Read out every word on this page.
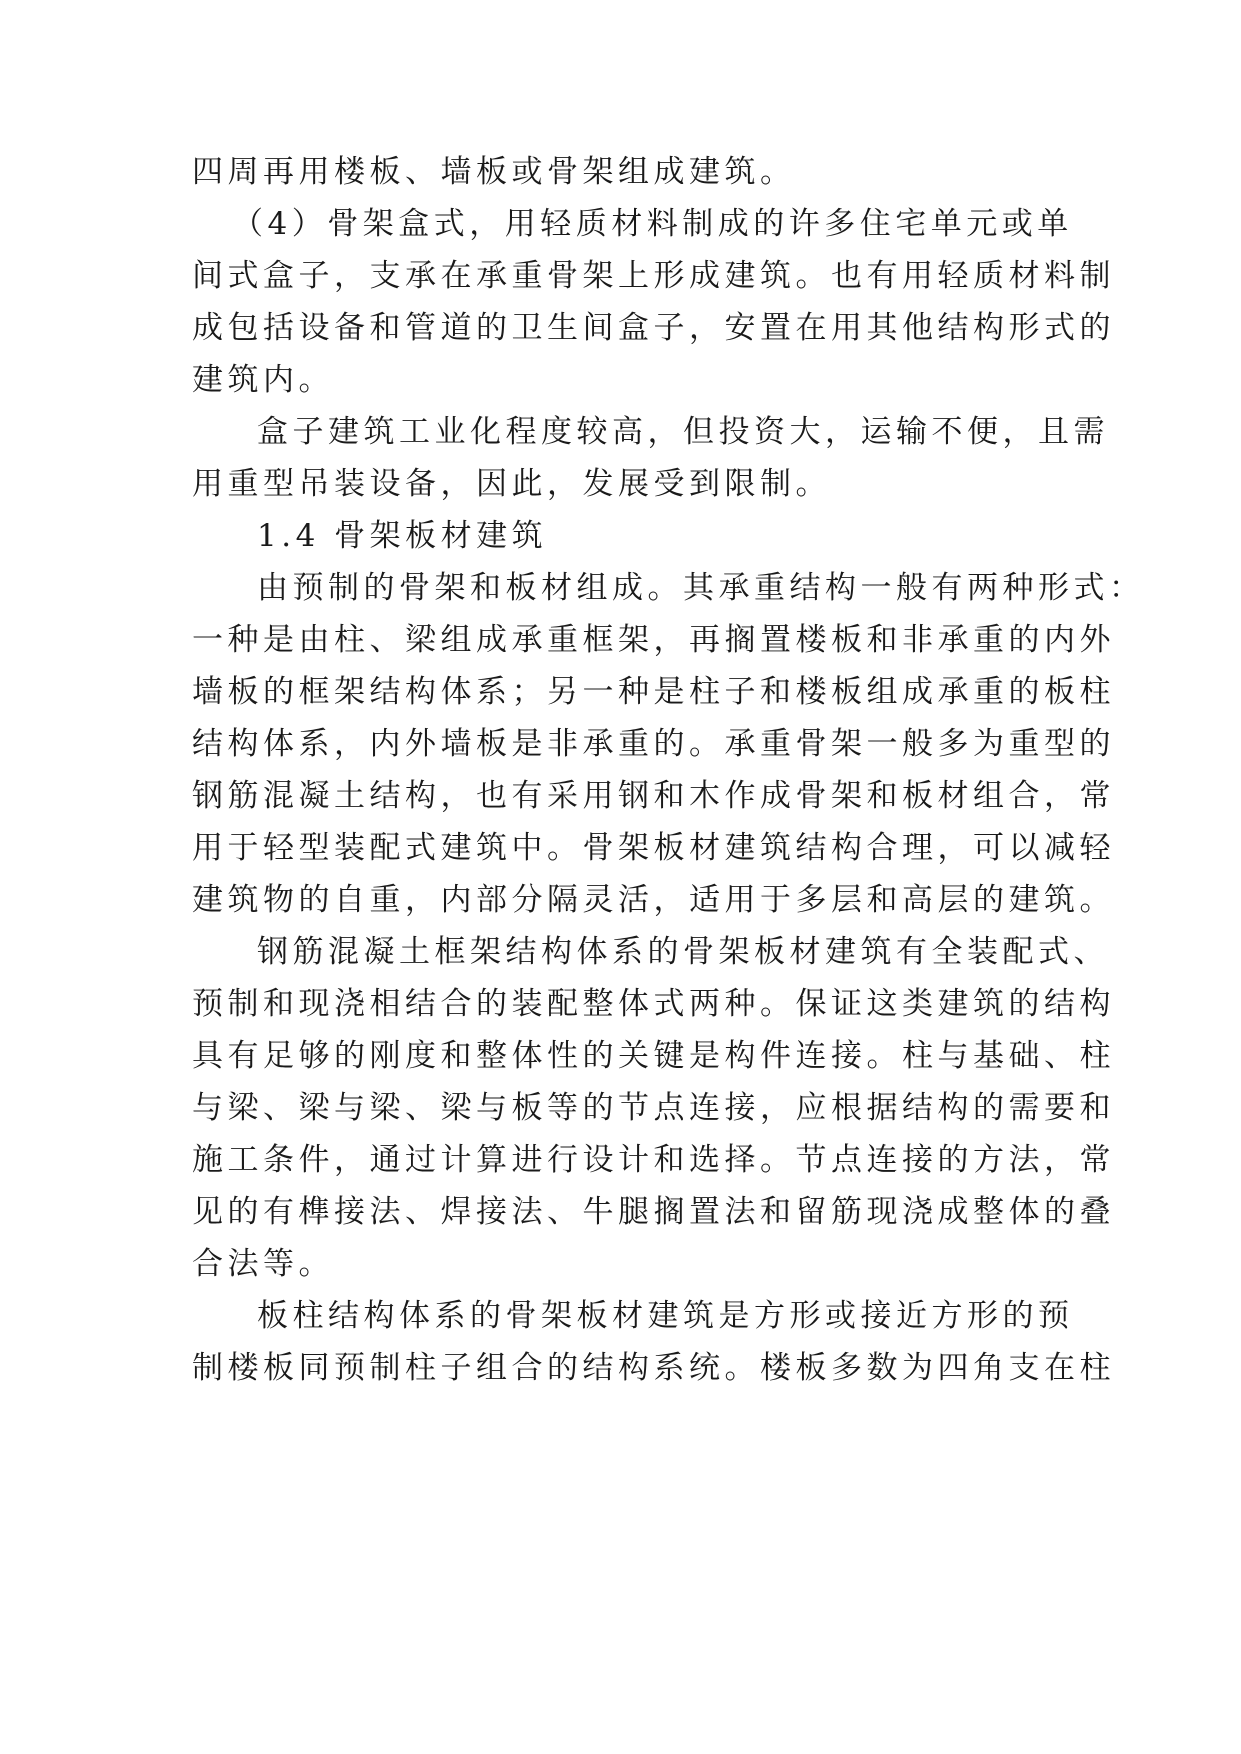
四周再用楼板、墙板或骨架组成建筑。
（4）骨架盒式，用轻质材料制成的许多住宅单元或单
间式盒子，支承在承重骨架上形成建筑。也有用轻质材料制
成包括设备和管道的卫生间盒子，安置在用其他结构形式的
建筑内。
盒子建筑工业化程度较高，但投资大，运输不便，且需
用重型吊装设备，因此，发展受到限制。
1.4 骨架板材建筑
由预制的骨架和板材组成。其承重结构一般有两种形式：
一种是由柱、梁组成承重框架，再搁置楼板和非承重的内外
墙板的框架结构体系；另一种是柱子和楼板组成承重的板柱
结构体系，内外墙板是非承重的。承重骨架一般多为重型的
钢筋混凝土结构，也有采用钢和木作成骨架和板材组合，常
用于轻型装配式建筑中。骨架板材建筑结构合理，可以减轻
建筑物的自重，内部分隔灵活，适用于多层和高层的建筑。
钢筋混凝土框架结构体系的骨架板材建筑有全装配式、
预制和现浇相结合的装配整体式两种。保证这类建筑的结构
具有足够的刚度和整体性的关键是构件连接。柱与基础、柱
与梁、梁与梁、梁与板等的节点连接，应根据结构的需要和
施工条件，通过计算进行设计和选择。节点连接的方法，常
见的有榫接法、焊接法、牛腿搁置法和留筋现浇成整体的叠
合法等。
板柱结构体系的骨架板材建筑是方形或接近方形的预
制楼板同预制柱子组合的结构系统。楼板多数为四角支在柱
